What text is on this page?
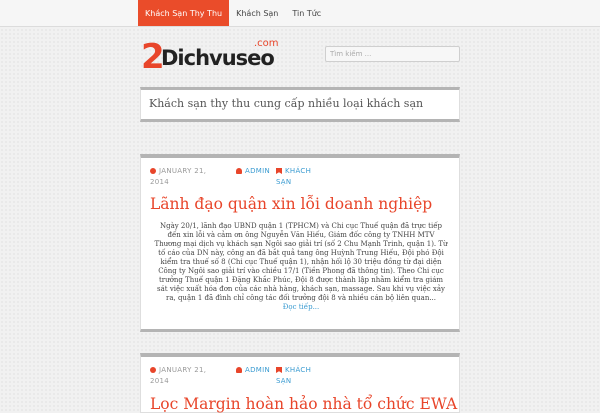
Khách Sạn Thy Thu	Khách Sạn	Tin Tức
2
Dichvuseo
.com
Tìm kiếm ...
Khách sạn thy thu cung cấp nhiều loại khách sạn
JANUARY 21,
2014
ADMIN	KHÁCH
SẠN
Lãnh đạo quận xin lỗi doanh nghiệp

Ngày 20/1, lãnh đạo UBND quận 1 (TPHCM) và Chi cục Thuế quận đã trực tiếp đến xin lỗi và cảm ơn ông Nguyễn Văn Hiếu, Giám đốc công ty TNHH MTV Thương mại dịch vụ khách sạn Ngôi sao giải trí (số 2 Chu Mạnh Trinh, quận 1). Từ tố cáo của DN này, công an đã bắt quả tang ông Huỳnh Trung Hiếu, Đội phó Đội kiểm tra thuế số 8 (Chi cục Thuế quận 1), nhận hối lộ 30 triệu đồng từ đại diện Công ty Ngôi sao giải trí vào chiều 17/1 (Tiền Phong đã thông tin). Theo Chi cục trưởng Thuế quận 1 Đặng Khắc Phúc, Đội 8 được thành lập nhằm kiểm tra giám sát việc xuất hóa đơn của các nhà hàng, khách sạn, massage. Sau khi vụ việc xảy ra, quận 1 đã đình chỉ công tác đối trưởng đội 8 và nhiều cán bộ liên quan...
Đọc tiếp...

JANUARY 21,
2014
ADMIN	KHÁCH
SẠN
Lọc Margin hoàn hảo nhà tổ chức EWA
